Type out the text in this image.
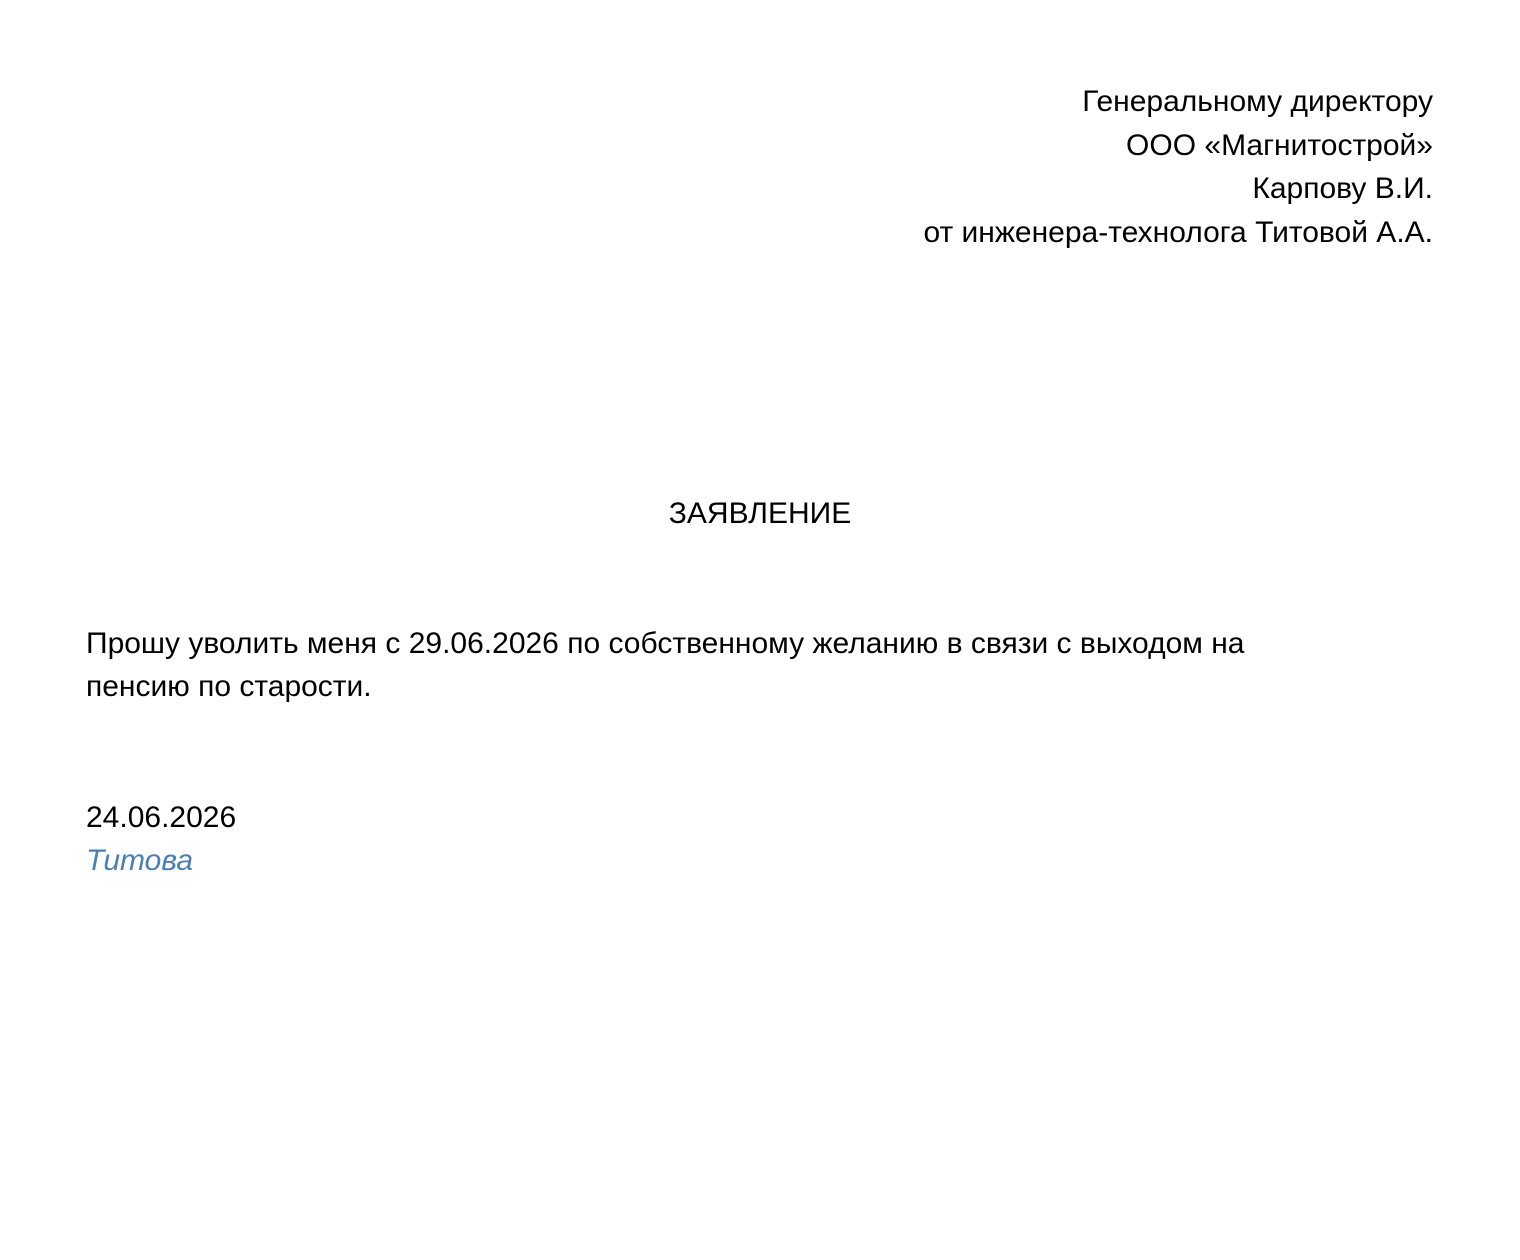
Генеральному директору
ООО «Магнитострой»
Карпову В.И.
от инженера-технолога Титовой А.А.
ЗАЯВЛЕНИЕ
Прошу уволить меня с 29.06.2026 по собственному желанию в связи с выходом на
пенсию по старости.
24.06.2026
Титова
